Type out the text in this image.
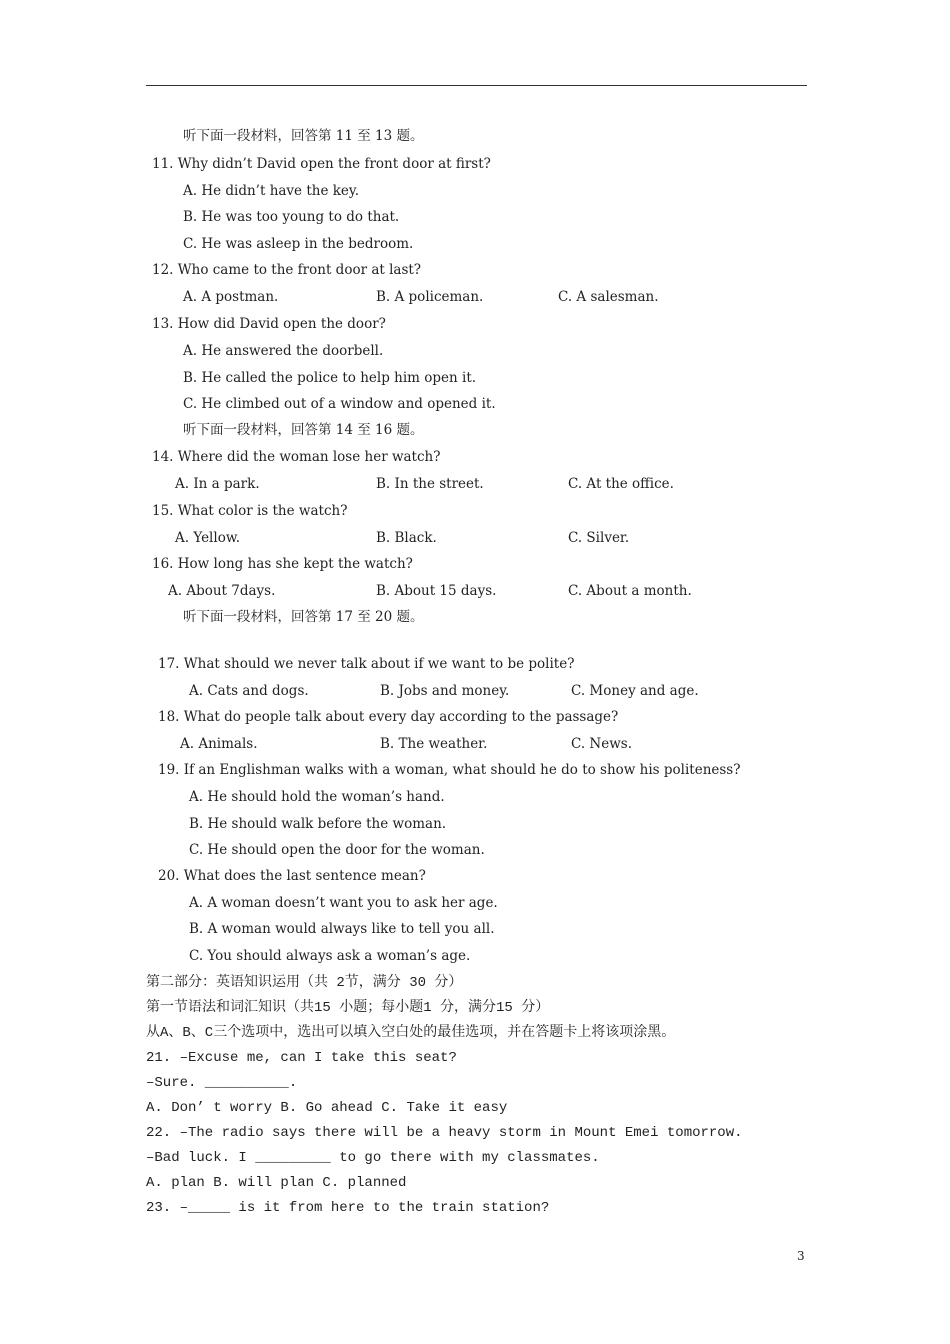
听下面一段材料，回答第 11 至 13 题。
11. Why didn’t David open the front door at first?
A. He didn’t have the key.
B. He was too young to do that.
C. He was asleep in the bedroom.
12. Who came to the front door at last?
A. A postman.	B. A policeman.	C. A salesman.
13. How did David open the door?
A. He answered the doorbell.
B. He called the police to help him open it.
C. He climbed out of a window and opened it.
听下面一段材料，回答第 14 至 16 题。
14. Where did the woman lose her watch?
A. In a park.	B. In the street.	C. At the office.
15. What color is the watch?
A. Yellow.	B. Black.	C. Silver.
16. How long has she kept the watch?
A. About 7days.	B. About 15 days.	C. About a month.
听下面一段材料，回答第 17 至 20 题。
17. What should we never talk about if we want to be polite?
A. Cats and dogs.	B. Jobs and money.	C. Money and age.
18. What do people talk about every day according to the passage?
A. Animals.	B. The weather.	C. News.
19. If an Englishman walks with a woman, what should he do to show his politeness?
A. He should hold the woman’s hand.
B. He should walk before the woman.
C. He should open the door for the woman.
20. What does the last sentence mean?
A. A woman doesn’t want you to ask her age.
B. A woman would always like to tell you all.
C. You should always ask a woman’s age.
第二部分：英语知识运用（共 2节，满分 30 分）
第一节语法和词汇知识（共15 小题；每小题1 分，满分15 分）
从A、B、C三个选项中，选出可以填入空白处的最佳选项，并在答题卡上将该项涂黑。
21. –Excuse me, can I take this seat?
–Sure. __________.
A. Don’ t worry B. Go ahead C. Take it easy
22. –The radio says there will be a heavy storm in Mount Emei tomorrow.
–Bad luck. I _________ to go there with my classmates.
A. plan B. will plan C. planned
23. –_____ is it from here to the train station?
3
